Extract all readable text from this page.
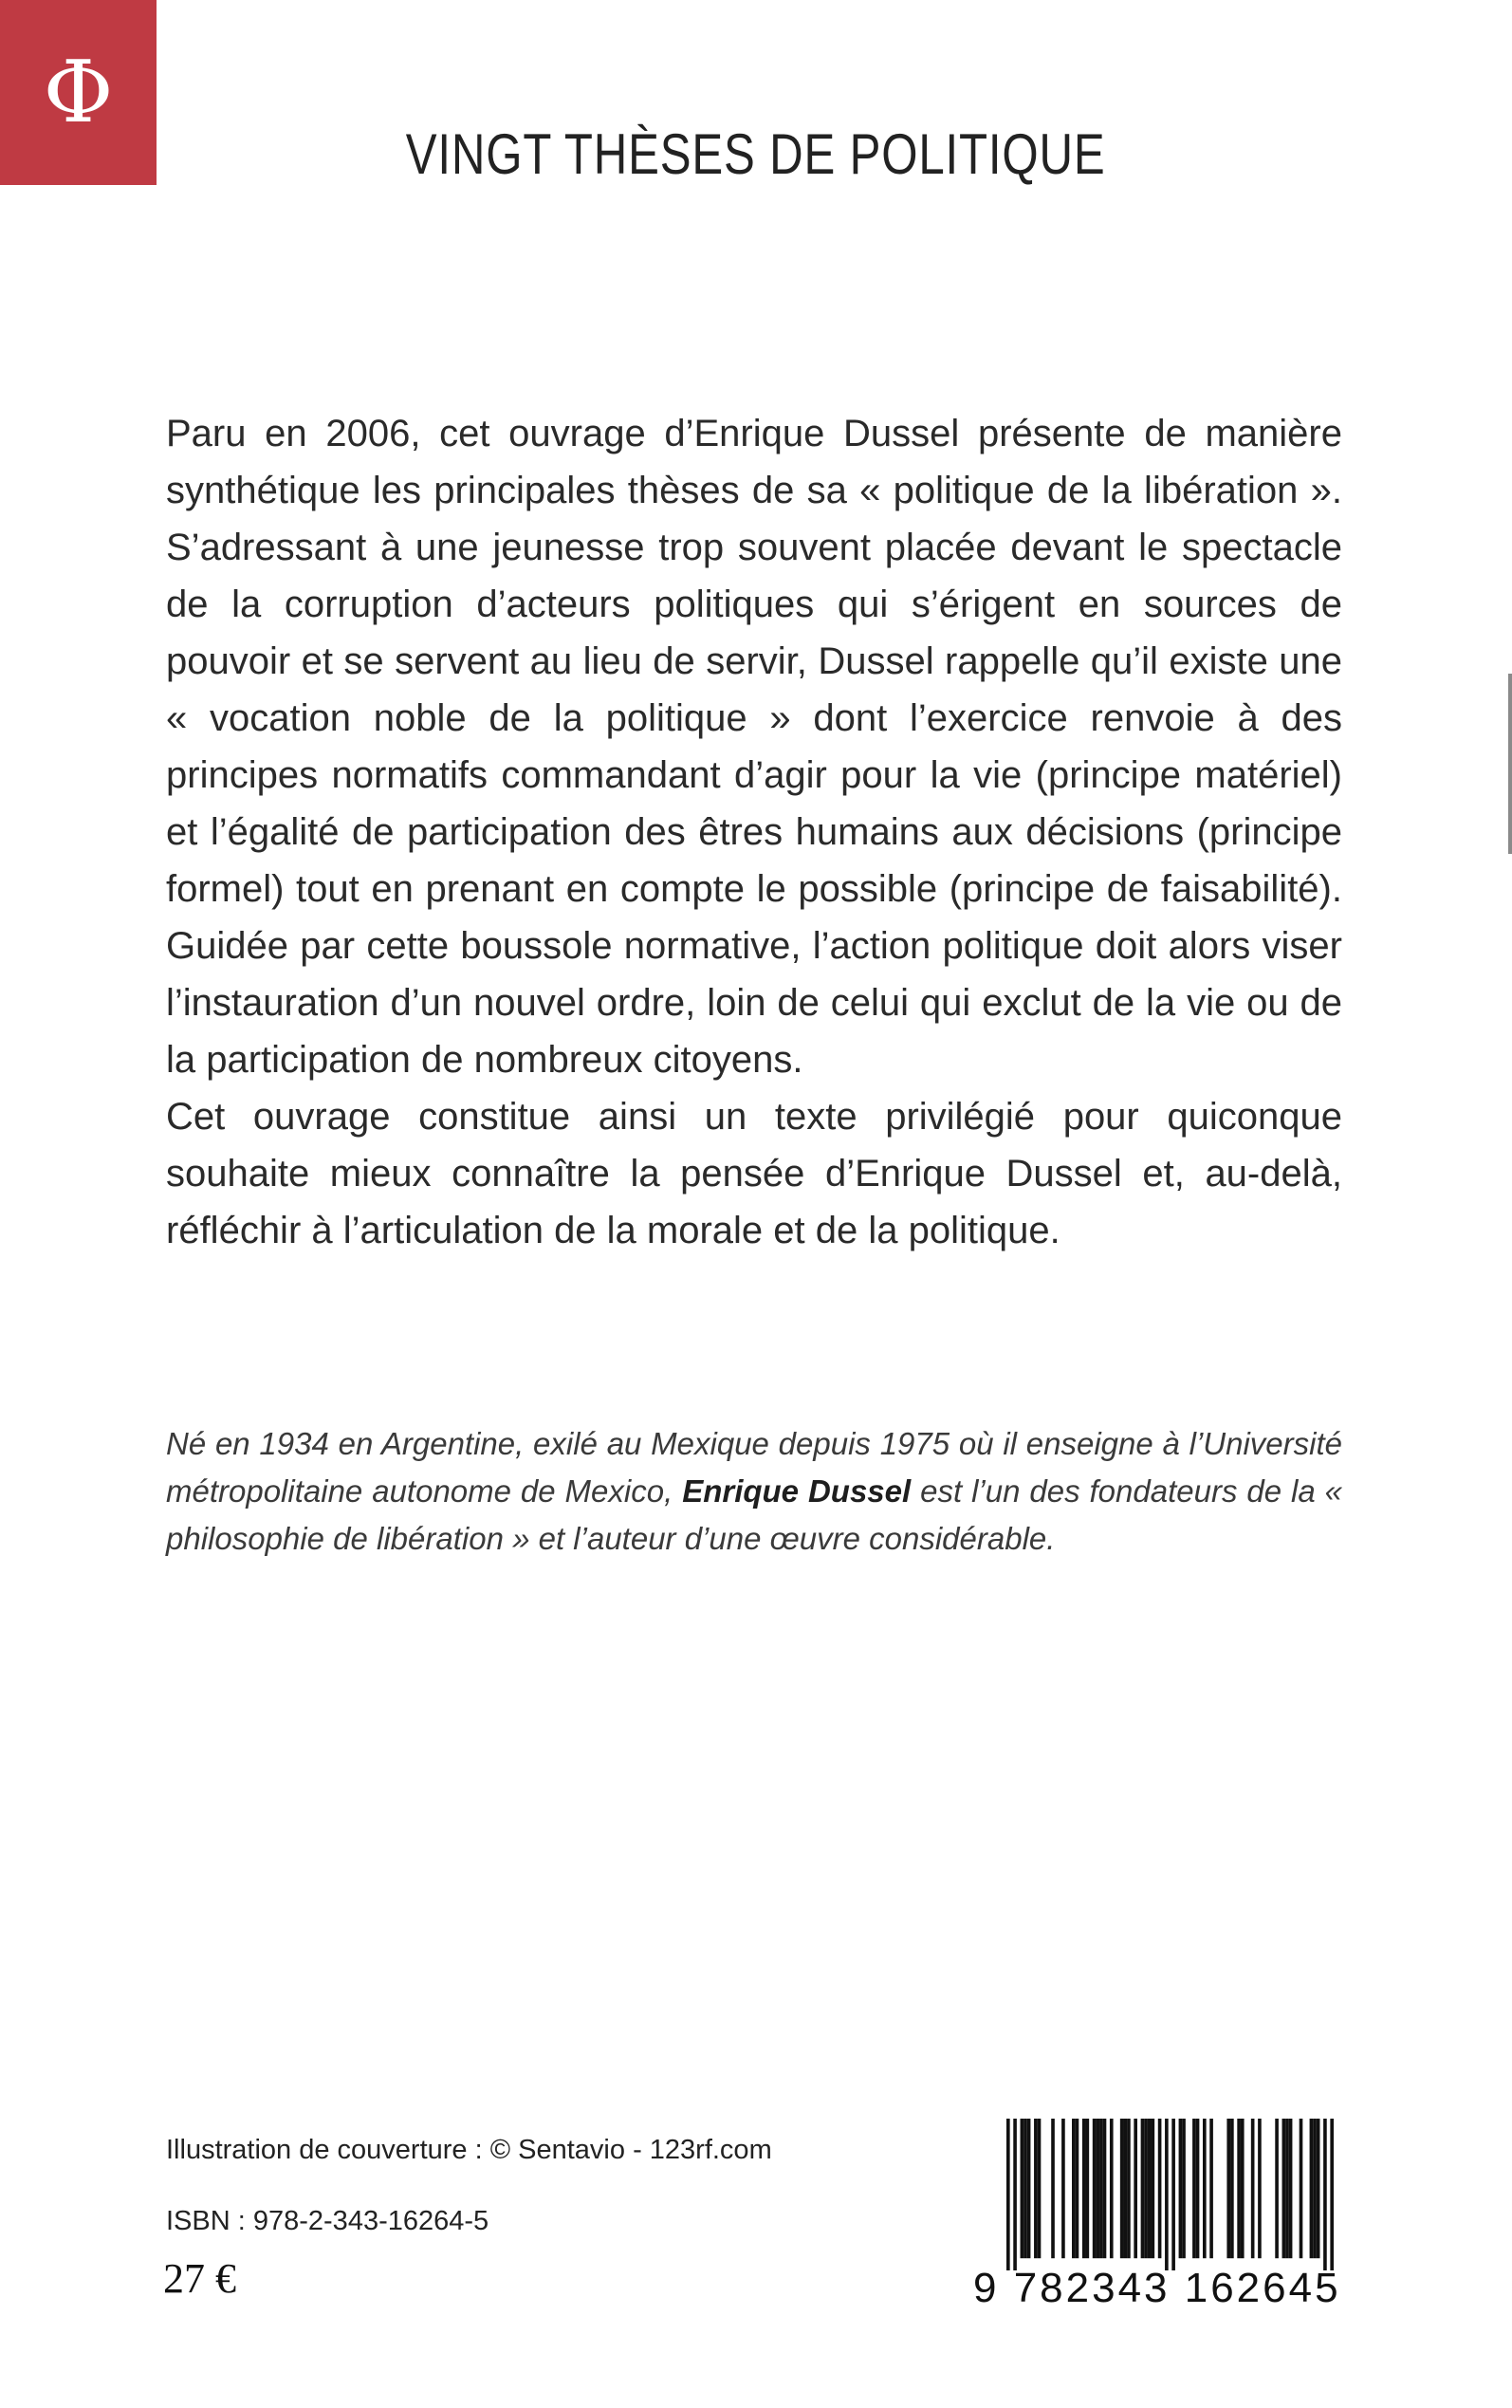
Φ
VINGT THÈSES DE POLITIQUE

Paru en 2006, cet ouvrage d’Enrique Dussel présente de manière synthétique les principales thèses de sa « politique de la libération ». S’adressant à une jeunesse trop souvent placée devant le spectacle de la corruption d’acteurs politiques qui s’érigent en sources de pouvoir et se servent au lieu de servir, Dussel rappelle qu’il existe une « vocation noble de la politique » dont l’exercice renvoie à des principes normatifs commandant d’agir pour la vie (principe matériel) et l’égalité de participation des êtres humains aux décisions (principe formel) tout en prenant en compte le possible (principe de faisabilité). Guidée par cette boussole normative, l’action politique doit alors viser l’instauration d’un nouvel ordre, loin de celui qui exclut de la vie ou de la participation de nombreux citoyens.

Cet ouvrage constitue ainsi un texte privilégié pour quiconque souhaite mieux connaître la pensée d’Enrique Dussel et, au-delà, réfléchir à l’articulation de la morale et de la politique.

Né en 1934 en Argentine, exilé au Mexique depuis 1975 où il enseigne à l’Université métropolitaine autonome de Mexico, Enrique Dussel est l’un des fondateurs de la « philosophie de libération » et l’auteur d’une œuvre considérable.
Illustration de couverture : © Sentavio - 123rf.com
ISBN : 978-2-343-16264-5
27 €	9 782343 162645
